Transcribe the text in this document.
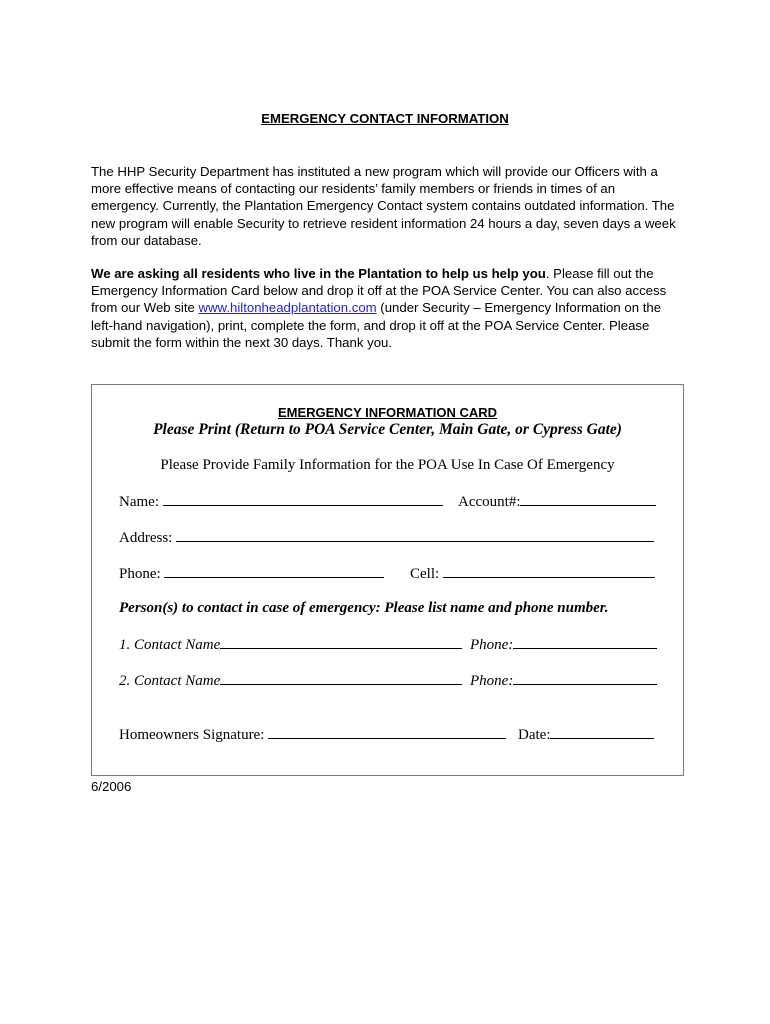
EMERGENCY CONTACT INFORMATION

The HHP Security Department has instituted a new program which will provide our Officers with a more effective means of contacting our residents’ family members or friends in times of an emergency. Currently, the Plantation Emergency Contact system contains outdated information. The new program will enable Security to retrieve resident information 24 hours a day, seven days a week from our database.

We are asking all residents who live in the Plantation to help us help you. Please fill out the Emergency Information Card below and drop it off at the POA Service Center. You can also access from our Web site www.hiltonheadplantation.com (under Security – Emergency Information on the left-hand navigation), print, complete the form, and drop it off at the POA Service Center. Please submit the form within the next 30 days. Thank you.

EMERGENCY INFORMATION CARD
Please Print (Return to POA Service Center, Main Gate, or Cypress Gate)
Please Provide Family Information for the POA Use In Case Of Emergency
Name:	Account#:
Address:
Phone:	Cell:
Person(s) to contact in case of emergency: Please list name and phone number.
1. Contact Name	Phone:
2. Contact Name	Phone:
Homeowners Signature:	Date:
6/2006
